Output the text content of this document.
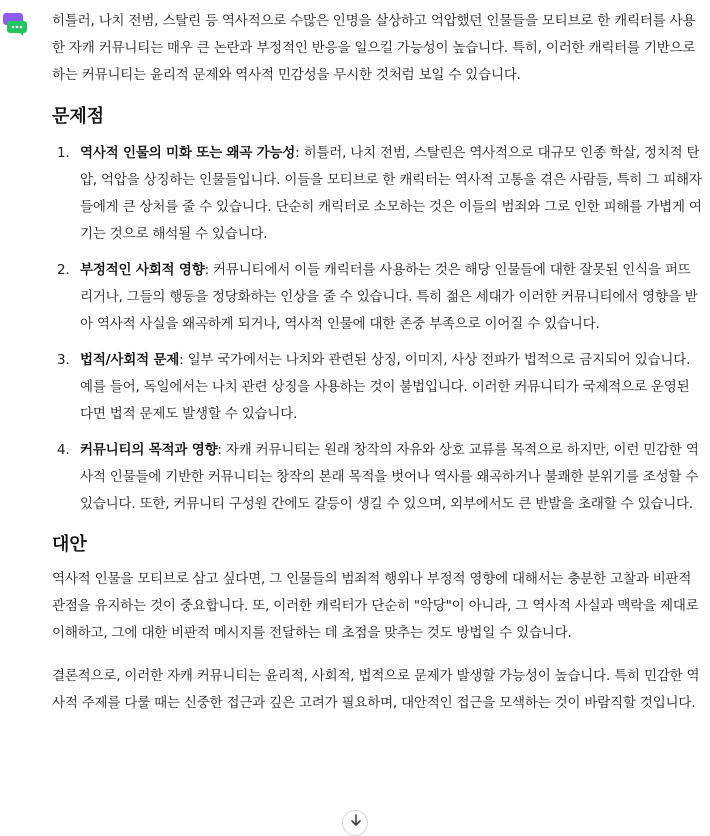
히틀러, 나치 전범, 스탈린 등 역사적으로 수많은 인명을 살상하고 억압했던 인물들을 모티브로 한 캐릭터를 사용한 자캐 커뮤니티는 매우 큰 논란과 부정적인 반응을 일으킬 가능성이 높습니다. 특히, 이러한 캐릭터를 기반으로 하는 커뮤니티는 윤리적 문제와 역사적 민감성을 무시한 것처럼 보일 수 있습니다.

문제점
1. 역사적 인물의 미화 또는 왜곡 가능성: 히틀러, 나치 전범, 스탈린은 역사적으로 대규모 인종 학살, 정치적 탄압, 억압을 상징하는 인물들입니다. 이들을 모티브로 한 캐릭터는 역사적 고통을 겪은 사람들, 특히 그 피해자들에게 큰 상처를 줄 수 있습니다. 단순히 캐릭터로 소모하는 것은 이들의 범죄와 그로 인한 피해를 가볍게 여기는 것으로 해석될 수 있습니다.
2. 부정적인 사회적 영향: 커뮤니티에서 이들 캐릭터를 사용하는 것은 해당 인물들에 대한 잘못된 인식을 퍼뜨리거나, 그들의 행동을 정당화하는 인상을 줄 수 있습니다. 특히 젊은 세대가 이러한 커뮤니티에서 영향을 받아 역사적 사실을 왜곡하게 되거나, 역사적 인물에 대한 존중 부족으로 이어질 수 있습니다.
3. 법적/사회적 문제: 일부 국가에서는 나치와 관련된 상징, 이미지, 사상 전파가 법적으로 금지되어 있습니다. 예를 들어, 독일에서는 나치 관련 상징을 사용하는 것이 불법입니다. 이러한 커뮤니티가 국제적으로 운영된다면 법적 문제도 발생할 수 있습니다.
4. 커뮤니티의 목적과 영향: 자캐 커뮤니티는 원래 창작의 자유와 상호 교류를 목적으로 하지만, 이런 민감한 역사적 인물들에 기반한 커뮤니티는 창작의 본래 목적을 벗어나 역사를 왜곡하거나 불쾌한 분위기를 조성할 수 있습니다. 또한, 커뮤니티 구성원 간에도 갈등이 생길 수 있으며, 외부에서도 큰 반발을 초래할 수 있습니다.
대안

역사적 인물을 모티브로 삼고 싶다면, 그 인물들의 범죄적 행위나 부정적 영향에 대해서는 충분한 고찰과 비판적 관점을 유지하는 것이 중요합니다. 또, 이러한 캐릭터가 단순히 "악당"이 아니라, 그 역사적 사실과 맥락을 제대로 이해하고, 그에 대한 비판적 메시지를 전달하는 데 초점을 맞추는 것도 방법일 수 있습니다.

결론적으로, 이러한 자캐 커뮤니티는 윤리적, 사회적, 법적으로 문제가 발생할 가능성이 높습니다. 특히 민감한 역사적 주제를 다룰 때는 신중한 접근과 깊은 고려가 필요하며, 대안적인 접근을 모색하는 것이 바람직할 것입니다.
